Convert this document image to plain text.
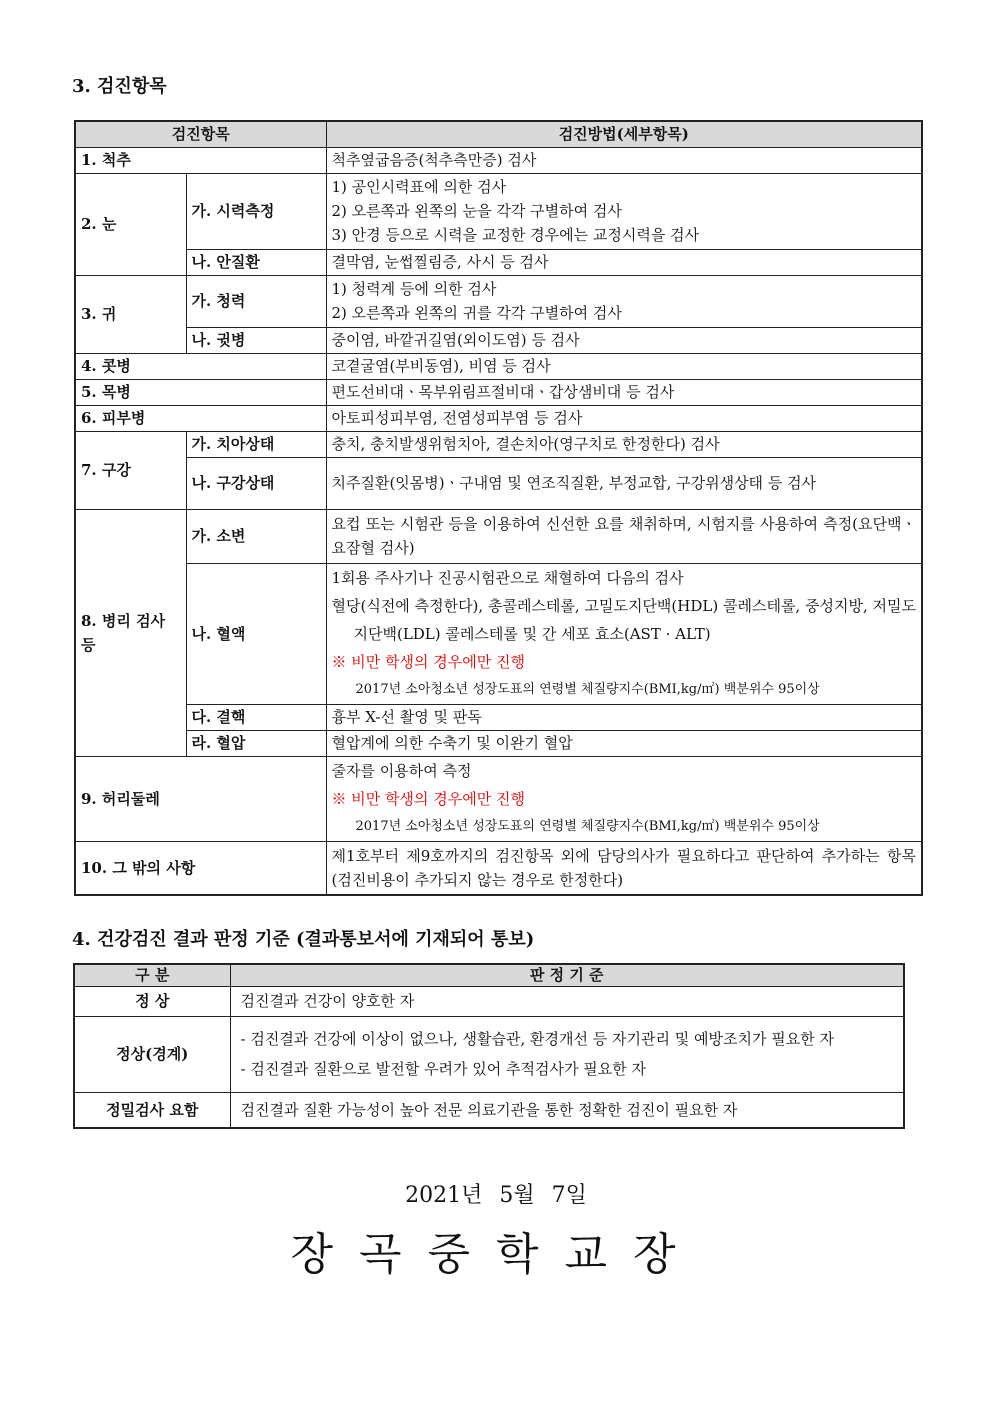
3. 검진항목
검진항목		검진방법(세부항목)
1. 척추		척추옆굽음증(척추측만증) 검사
2. 눈	가. 시력측정	1) 공인시력표에 의한 검사
2) 오른쪽과 왼쪽의 눈을 각각 구별하여 검사
3) 안경 등으로 시력을 교정한 경우에는 교정시력을 검사

	나. 안질환	결막염, 눈썹찔림증, 사시 등 검사
3. 귀	가. 청력	1) 청력계 등에 의한 검사
2) 오른쪽과 왼쪽의 귀를 각각 구별하여 검사

	나. 귓병	중이염, 바깥귀길염(외이도염) 등 검사
4. 콧병		코곁굴염(부비동염), 비염 등 검사
5. 목병		편도선비대ㆍ목부위림프절비대ㆍ갑상샘비대 등 검사
6. 피부병		아토피성피부염, 전염성피부염 등 검사
7. 구강	가. 치아상태	충치, 충치발생위험치아, 결손치아(영구치로 한정한다) 검사
	나. 구강상태	치주질환(잇몸병)ㆍ구내염 및 연조직질환, 부정교합, 구강위생상태 등 검사
8. 병리 검사 등	가. 소변	요컵 또는 시험관 등을 이용하여 신선한 요를 채취하며, 시험지를 사용하여 측정(요단백ㆍ요잠혈 검사)
	나. 혈액	1회용 주사기나 진공시험관으로 채혈하여 다음의 검사
혈당(식전에 측정한다), 총콜레스테롤, 고밀도지단백(HDL) 콜레스테롤, 중성지방, 저밀도지단백(LDL) 콜레스테롤 및 간 세포 효소(AST · ALT)
※ 비만 학생의 경우에만 진행
2017년 소아청소년 성장도표의 연령별 체질량지수(BMI,kg/㎡) 백분위수 95이상

	다. 결핵	흉부 X-선 촬영 및 판독
	라. 혈압	혈압계에 의한 수축기 및 이완기 혈압
9. 허리둘레		줄자를 이용하여 측정
※ 비만 학생의 경우에만 진행
2017년 소아청소년 성장도표의 연령별 체질량지수(BMI,kg/㎡) 백분위수 95이상

10. 그 밖의 사항		제1호부터 제9호까지의 검진항목 외에 담당의사가 필요하다고 판단하여 추가하는 항목(검진비용이 추가되지 않는 경우로 한정한다)
4. 건강검진 결과 판정 기준 (결과통보서에 기재되어 통보)
구 분	판 정 기 준
정 상	검진결과 건강이 양호한 자
정상(경계)	- 검진결과 건강에 이상이 없으나, 생활습관, 환경개선 등 자기관리 및 예방조치가 필요한 자
- 검진결과 질환으로 발전할 우려가 있어 추적검사가 필요한 자

정밀검사 요함	검진결과 질환 가능성이 높아 전문 의료기관을 통한 정확한 검진이 필요한 자
2021년 5월 7일
장곡중학교장
